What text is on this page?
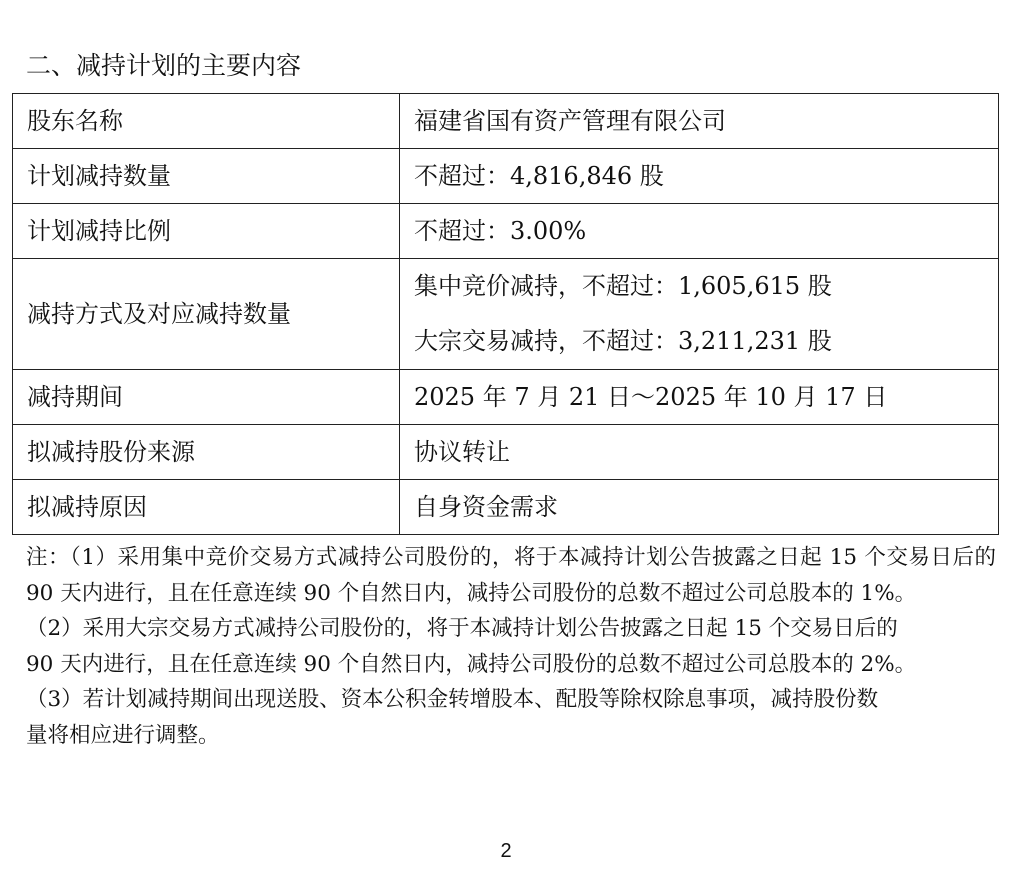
二、减持计划的主要内容
股东名称	福建省国有资产管理有限公司
计划减持数量	不超过：4,816,846 股
计划减持比例	不超过：3.00%
减持方式及对应减持数量	集中竞价减持，不超过：1,605,615 股
大宗交易减持，不超过：3,211,231 股

减持期间	2025 年 7 月 21 日～2025 年 10 月 17 日
拟减持股份来源	协议转让
拟减持原因	自身资金需求

注：（1）采用集中竞价交易方式减持公司股份的，将于本减持计划公告披露之日起 15 个交易日后的 90 天内进行，且在任意连续 90 个自然日内，减持公司股份的总数不超过公司总股本的 1%。

（2）采用大宗交易方式减持公司股份的，将于本减持计划公告披露之日起 15 个交易日后的

90 天内进行，且在任意连续 90 个自然日内，减持公司股份的总数不超过公司总股本的 2%。

（3）若计划减持期间出现送股、资本公积金转增股本、配股等除权除息事项，减持股份数

量将相应进行调整。

2
